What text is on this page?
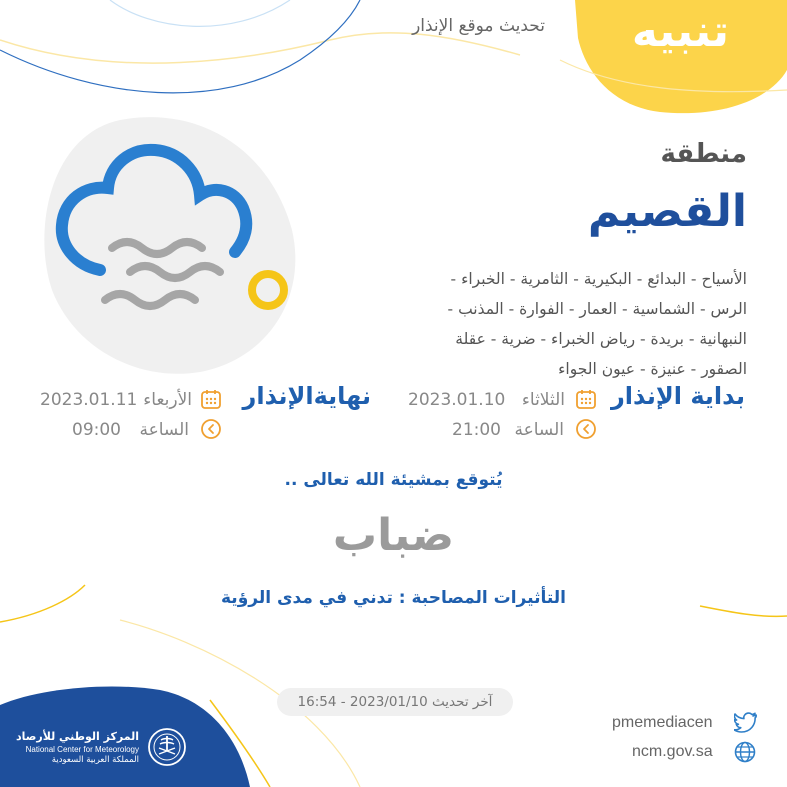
تنبيه
تحديث موقع الإنذار
منطقة
القصيم
الأسياح - البدائع - البكيرية - الثامرية - الخبراء -
الرس - الشماسية - العمار - الفوارة - المذنب -
النبهانية - بريدة - رياض الخبراء - ضرية - عقلة
الصقور - عنيزة - عيون الجواء
بداية الإنذار
الثلاثاء
2023.01.10
الساعة
21:00
نهايةالإنذار
الأربعاء
2023.01.11
الساعة
09:00
يُتوقع بمشيئة الله تعالى ..
ضباب
التأثيرات المصاحبة : تدني في مدى الرؤية
آخر تحديث 2023/01/10 - 16:54
pmemediacen
ncm.gov.sa
المركز الوطني للأرصاد
National Center for Meteorology
المملكة العربية السعودية
